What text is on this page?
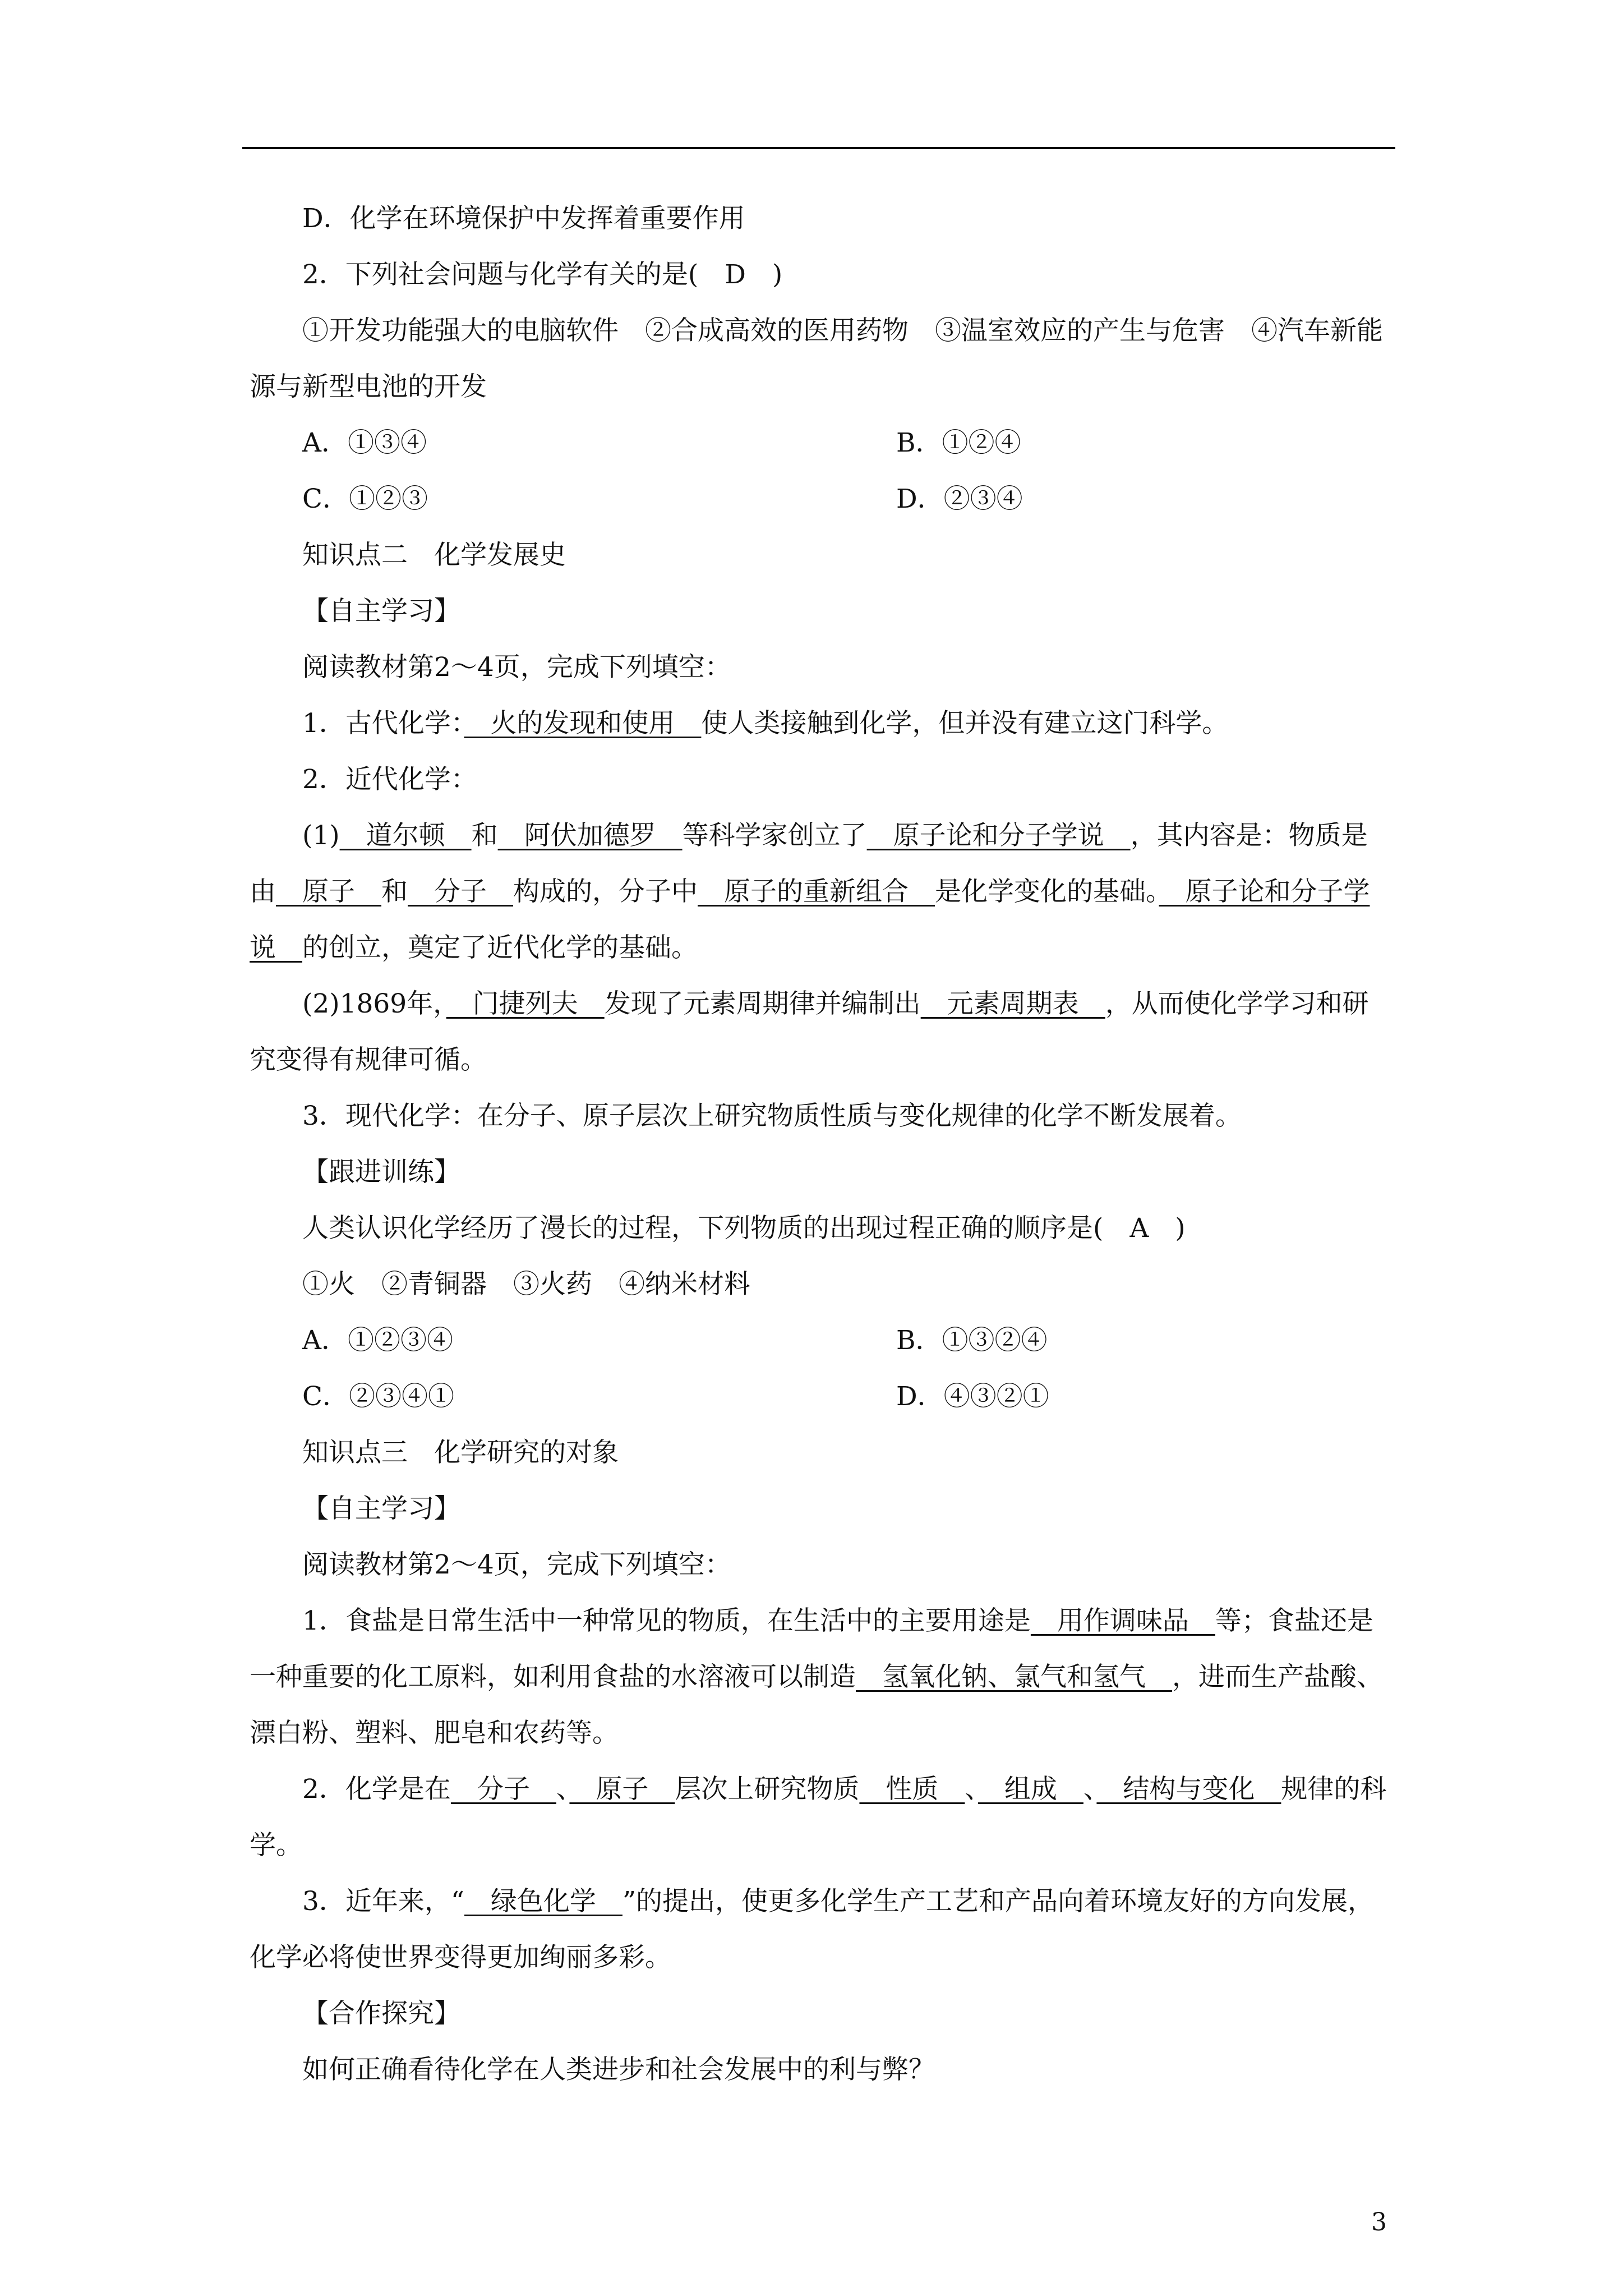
D．化学在环境保护中发挥着重要作用

2．下列社会问题与化学有关的是(　D　)

①开发功能强大的电脑软件　②合成高效的医用药物　③温室效应的产生与危害　④汽车新能源与新型电池的开发

A．①③④	B．①②④
C．①②③	D．②③④

知识点二　化学发展史

【自主学习】

阅读教材第2～4页，完成下列填空：

1．古代化学：　火的发现和使用　使人类接触到化学，但并没有建立这门科学。

2．近代化学：

(1)　道尔顿　和　阿伏加德罗　等科学家创立了　原子论和分子学说　，其内容是：物质是由　原子　和　分子　构成的，分子中　原子的重新组合　是化学变化的基础。　原子论和分子学说　的创立，奠定了近代化学的基础。

(2)1869年，　门捷列夫　发现了元素周期律并编制出　元素周期表　，从而使化学学习和研究变得有规律可循。

3．现代化学：在分子、原子层次上研究物质性质与变化规律的化学不断发展着。

【跟进训练】

人类认识化学经历了漫长的过程，下列物质的出现过程正确的顺序是(　A　)

①火　②青铜器　③火药　④纳米材料

A．①②③④	B．①③②④
C．②③④①	D．④③②①

知识点三　化学研究的对象

【自主学习】

阅读教材第2～4页，完成下列填空：

1．食盐是日常生活中一种常见的物质，在生活中的主要用途是　用作调味品　等；食盐还是一种重要的化工原料，如利用食盐的水溶液可以制造　氢氧化钠、氯气和氢气　，进而生产盐酸、漂白粉、塑料、肥皂和农药等。

2．化学是在　分子　、　原子　层次上研究物质　性质　、　组成　、　结构与变化　规律的科学。

3．近年来，“　绿色化学　”的提出，使更多化学生产工艺和产品向着环境友好的方向发展，化学必将使世界变得更加绚丽多彩。

【合作探究】

如何正确看待化学在人类进步和社会发展中的利与弊？

3
